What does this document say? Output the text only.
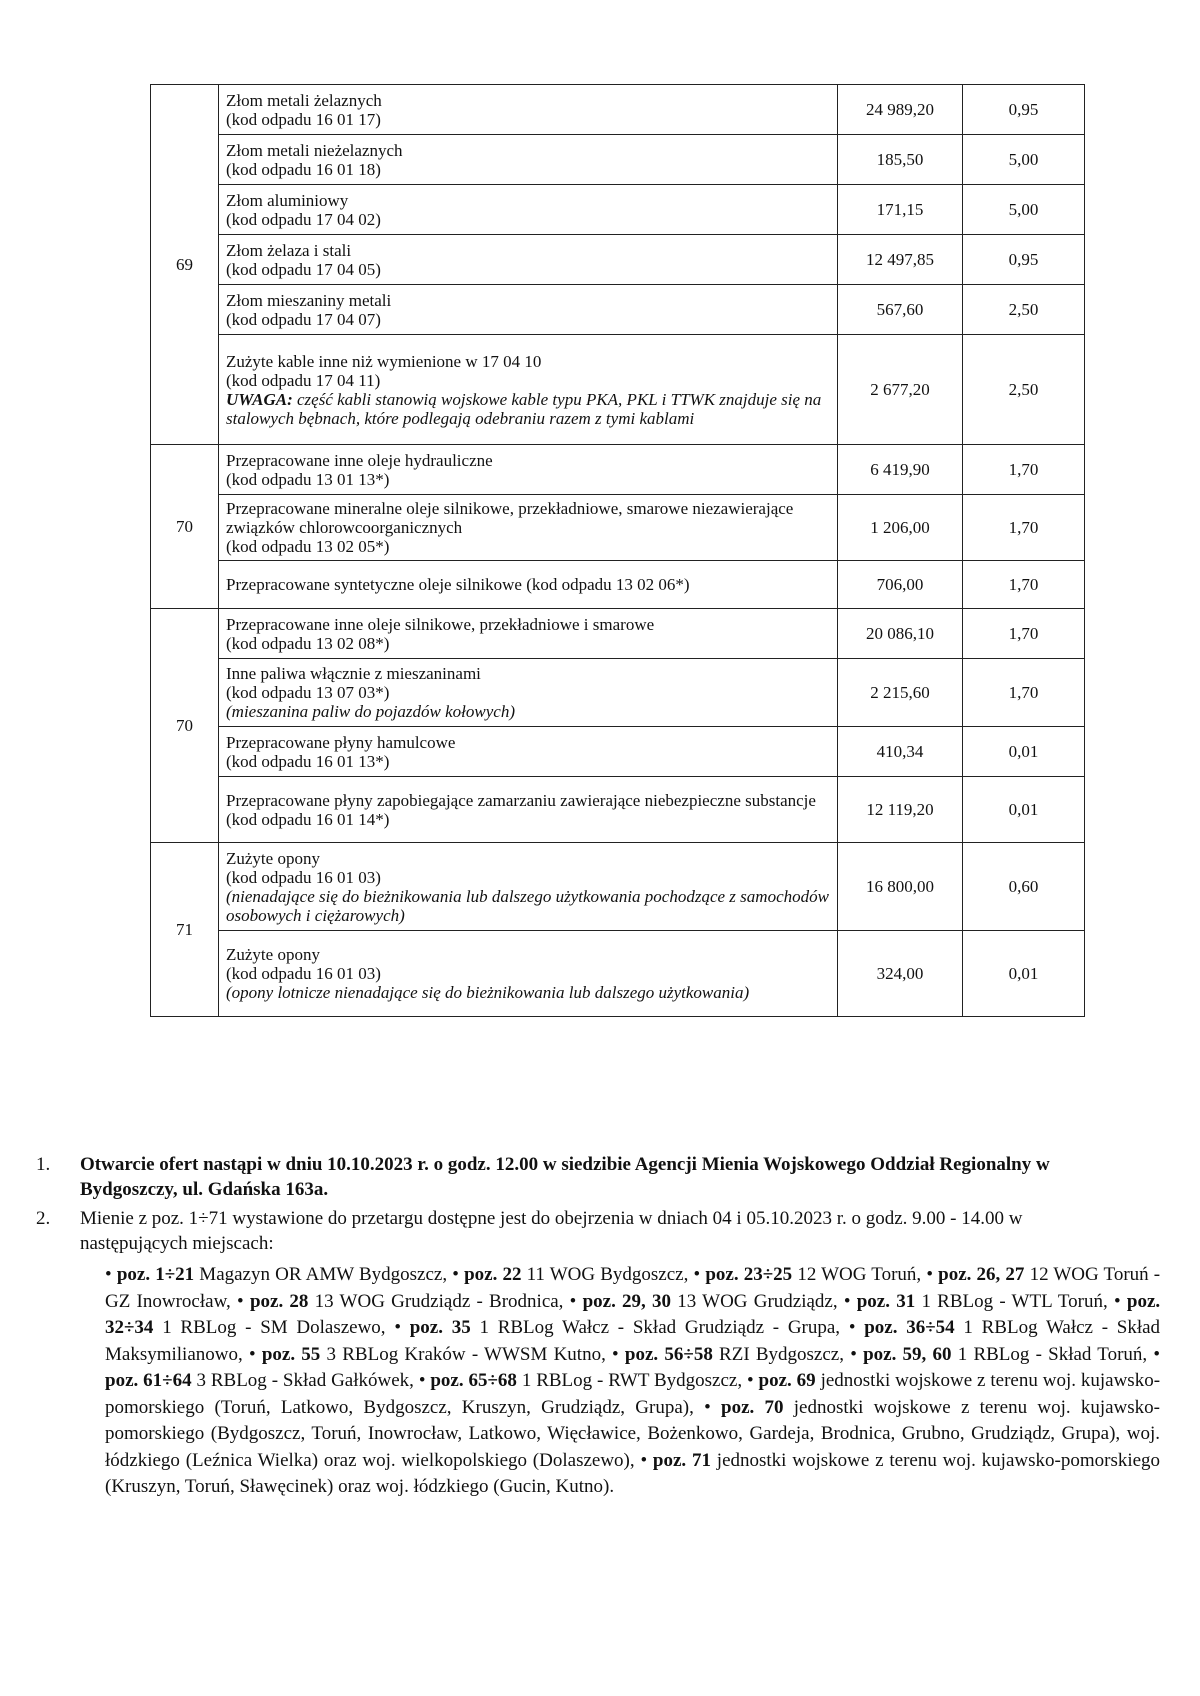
69	Złom metali żelaznych
(kod odpadu 16 01 17)	24 989,20	0,95
	Złom metali nieżelaznych
(kod odpadu 16 01 18)	185,50	5,00
	Złom aluminiowy
(kod odpadu 17 04 02)	171,15	5,00
	Złom żelaza i stali
(kod odpadu 17 04 05)	12 497,85	0,95
	Złom mieszaniny metali
(kod odpadu 17 04 07)	567,60	2,50
	Zużyte kable inne niż wymienione w 17 04 10
(kod odpadu 17 04 11)
UWAGA: część kabli stanowią wojskowe kable typu PKA, PKL i TTWK znajduje się na stalowych bębnach, które podlegają odebraniu razem z tymi kablami	2 677,20	2,50
70	Przepracowane inne oleje hydrauliczne
(kod odpadu 13 01 13*)	6 419,90	1,70
	Przepracowane mineralne oleje silnikowe, przekładniowe, smarowe niezawierające związków chlorowcoorganicznych
(kod odpadu 13 02 05*)	1 206,00	1,70
	Przepracowane syntetyczne oleje silnikowe (kod odpadu 13 02 06*)	706,00	1,70
70	Przepracowane inne oleje silnikowe, przekładniowe i smarowe
(kod odpadu 13 02 08*)	20 086,10	1,70
	Inne paliwa włącznie z mieszaninami
(kod odpadu 13 07 03*)
(mieszanina paliw do pojazdów kołowych)	2 215,60	1,70
	Przepracowane płyny hamulcowe
(kod odpadu 16 01 13*)	410,34	0,01
	Przepracowane płyny zapobiegające zamarzaniu zawierające niebezpieczne substancje
(kod odpadu 16 01 14*)	12 119,20	0,01
71	Zużyte opony
(kod odpadu 16 01 03)
(nienadające się do bieżnikowania lub dalszego użytkowania pochodzące z samochodów osobowych i ciężarowych)	16 800,00	0,60
	Zużyte opony
(kod odpadu 16 01 03)
(opony lotnicze nienadające się do bieżnikowania lub dalszego użytkowania)	324,00	0,01
1. Otwarcie ofert nastąpi w dniu 10.10.2023 r. o godz. 12.00 w siedzibie Agencji Mienia Wojskowego Oddział Regionalny w Bydgoszczy, ul. Gdańska 163a.
2. Mienie z poz. 1÷71 wystawione do przetargu dostępne jest do obejrzenia w dniach 04 i 05.10.2023 r. o godz. 9.00 - 14.00 w następujących miejscach:
• poz. 1÷21 Magazyn OR AMW Bydgoszcz, • poz. 22 11 WOG Bydgoszcz, • poz. 23÷25 12 WOG Toruń, • poz. 26, 27 12 WOG Toruń - GZ Inowrocław, • poz. 28 13 WOG Grudziądz - Brodnica, • poz. 29, 30 13 WOG Grudziądz, • poz. 31 1 RBLog - WTL Toruń, • poz. 32÷34 1 RBLog - SM Dolaszewo, • poz. 35 1 RBLog Wałcz - Skład Grudziądz - Grupa, • poz. 36÷54 1 RBLog Wałcz - Skład Maksymilianowo, • poz. 55 3 RBLog Kraków - WWSM Kutno, • poz. 56÷58 RZI Bydgoszcz, • poz. 59, 60 1 RBLog - Skład Toruń, • poz. 61÷64 3 RBLog - Skład Gałkówek, • poz. 65÷68 1 RBLog - RWT Bydgoszcz, • poz. 69 jednostki wojskowe z terenu woj. kujawsko-pomorskiego (Toruń, Latkowo, Bydgoszcz, Kruszyn, Grudziądz, Grupa), • poz. 70 jednostki wojskowe z terenu woj. kujawsko-pomorskiego (Bydgoszcz, Toruń, Inowrocław, Latkowo, Więcławice, Bożenkowo, Gardeja, Brodnica, Grubno, Grudziądz, Grupa), woj. łódzkiego (Leźnica Wielka) oraz woj. wielkopolskiego (Dolaszewo), • poz. 71 jednostki wojskowe z terenu woj. kujawsko-pomorskiego (Kruszyn, Toruń, Sławęcinek) oraz woj. łódzkiego (Gucin, Kutno).
